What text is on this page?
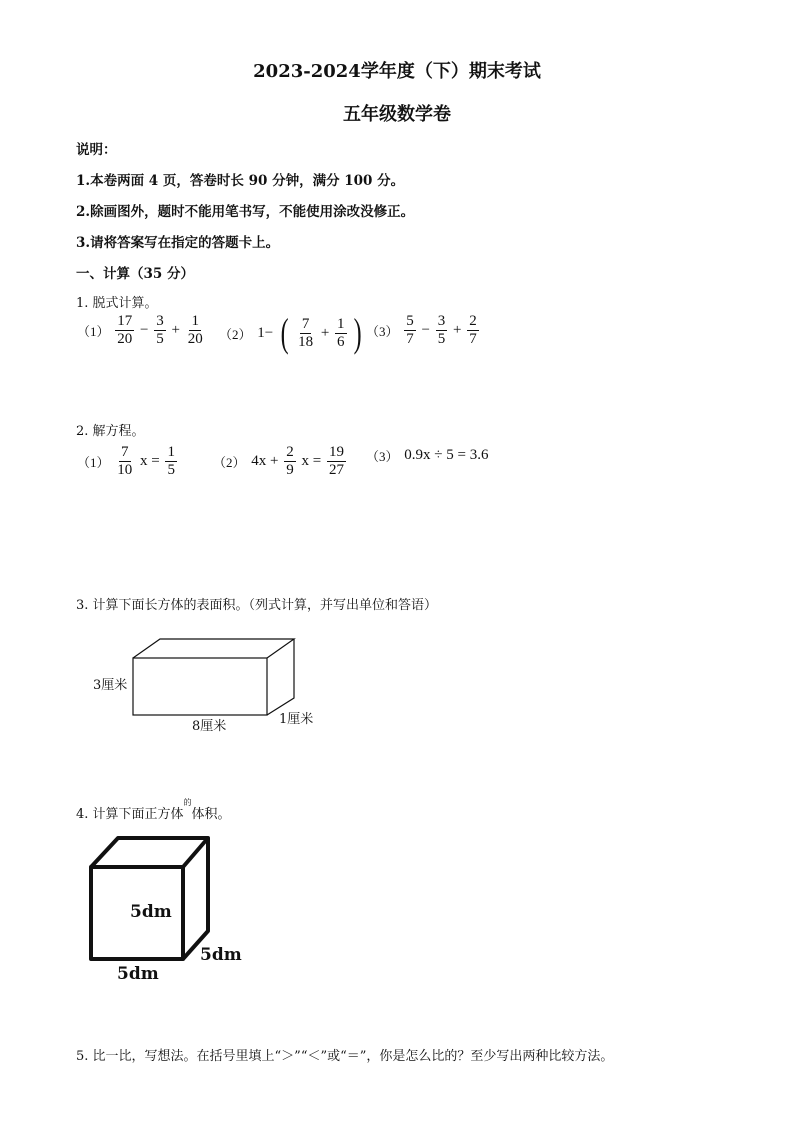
2023-2024学年度（下）期末考试
五年级数学卷
说明：
1.本卷两面 4 页，答卷时长 90 分钟，满分 100 分。
2.除画图外，题时不能用笔书写，不能使用涂改没修正。
3.请将答案写在指定的答题卡上。
一、计算（35 分）
1. 脱式计算。
$(1) \frac{17}{20} - \frac{3}{5} + \frac{1}{20} (2)$ 1− ( $\frac{7}{18} + \frac{1}{6}$ ) $(3) \frac{5}{7} - \frac{3}{5} + \frac{2}{7}$
2. 解方程。
$(1) \frac{7}{10}$ $x = \frac{1}{5}$	（2） $4x + \frac{2}{9}$ $x = \frac{19}{27} (3) 0.9x \div 5 = 3.6$
3. 计算下面长方体的表面积。（列式计算，并写出单位和答语）
3厘米
8厘米	1厘米
4. 计算下面正方体$^的$体积。
5dm
5dm
5dm
5. 比一比，写想法。在括号里填上“＞”“＜”或“＝”，你是怎么比的？至少写出两种比较方法。
